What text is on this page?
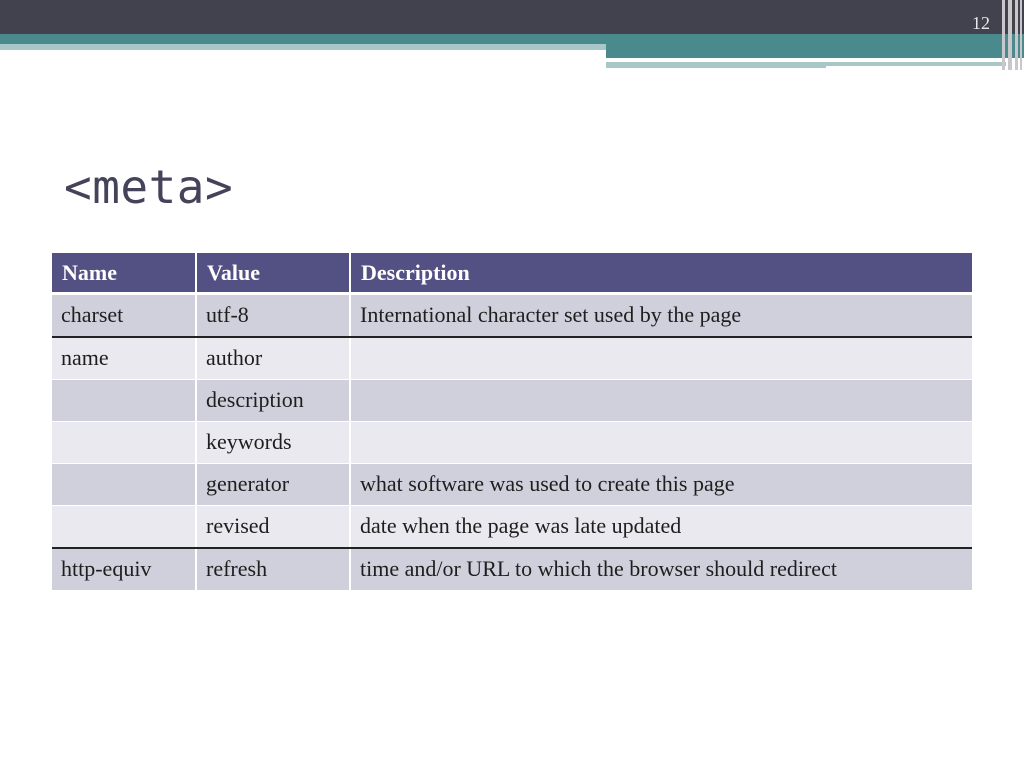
12
<meta>
Name	Value	Description
charset	utf-8	International character set used by the page
name	author	
	description	
	keywords	
	generator	what software was used to create this page
	revised	date when the page was late updated
http-equiv	refresh	time and/or URL to which the browser should redirect
